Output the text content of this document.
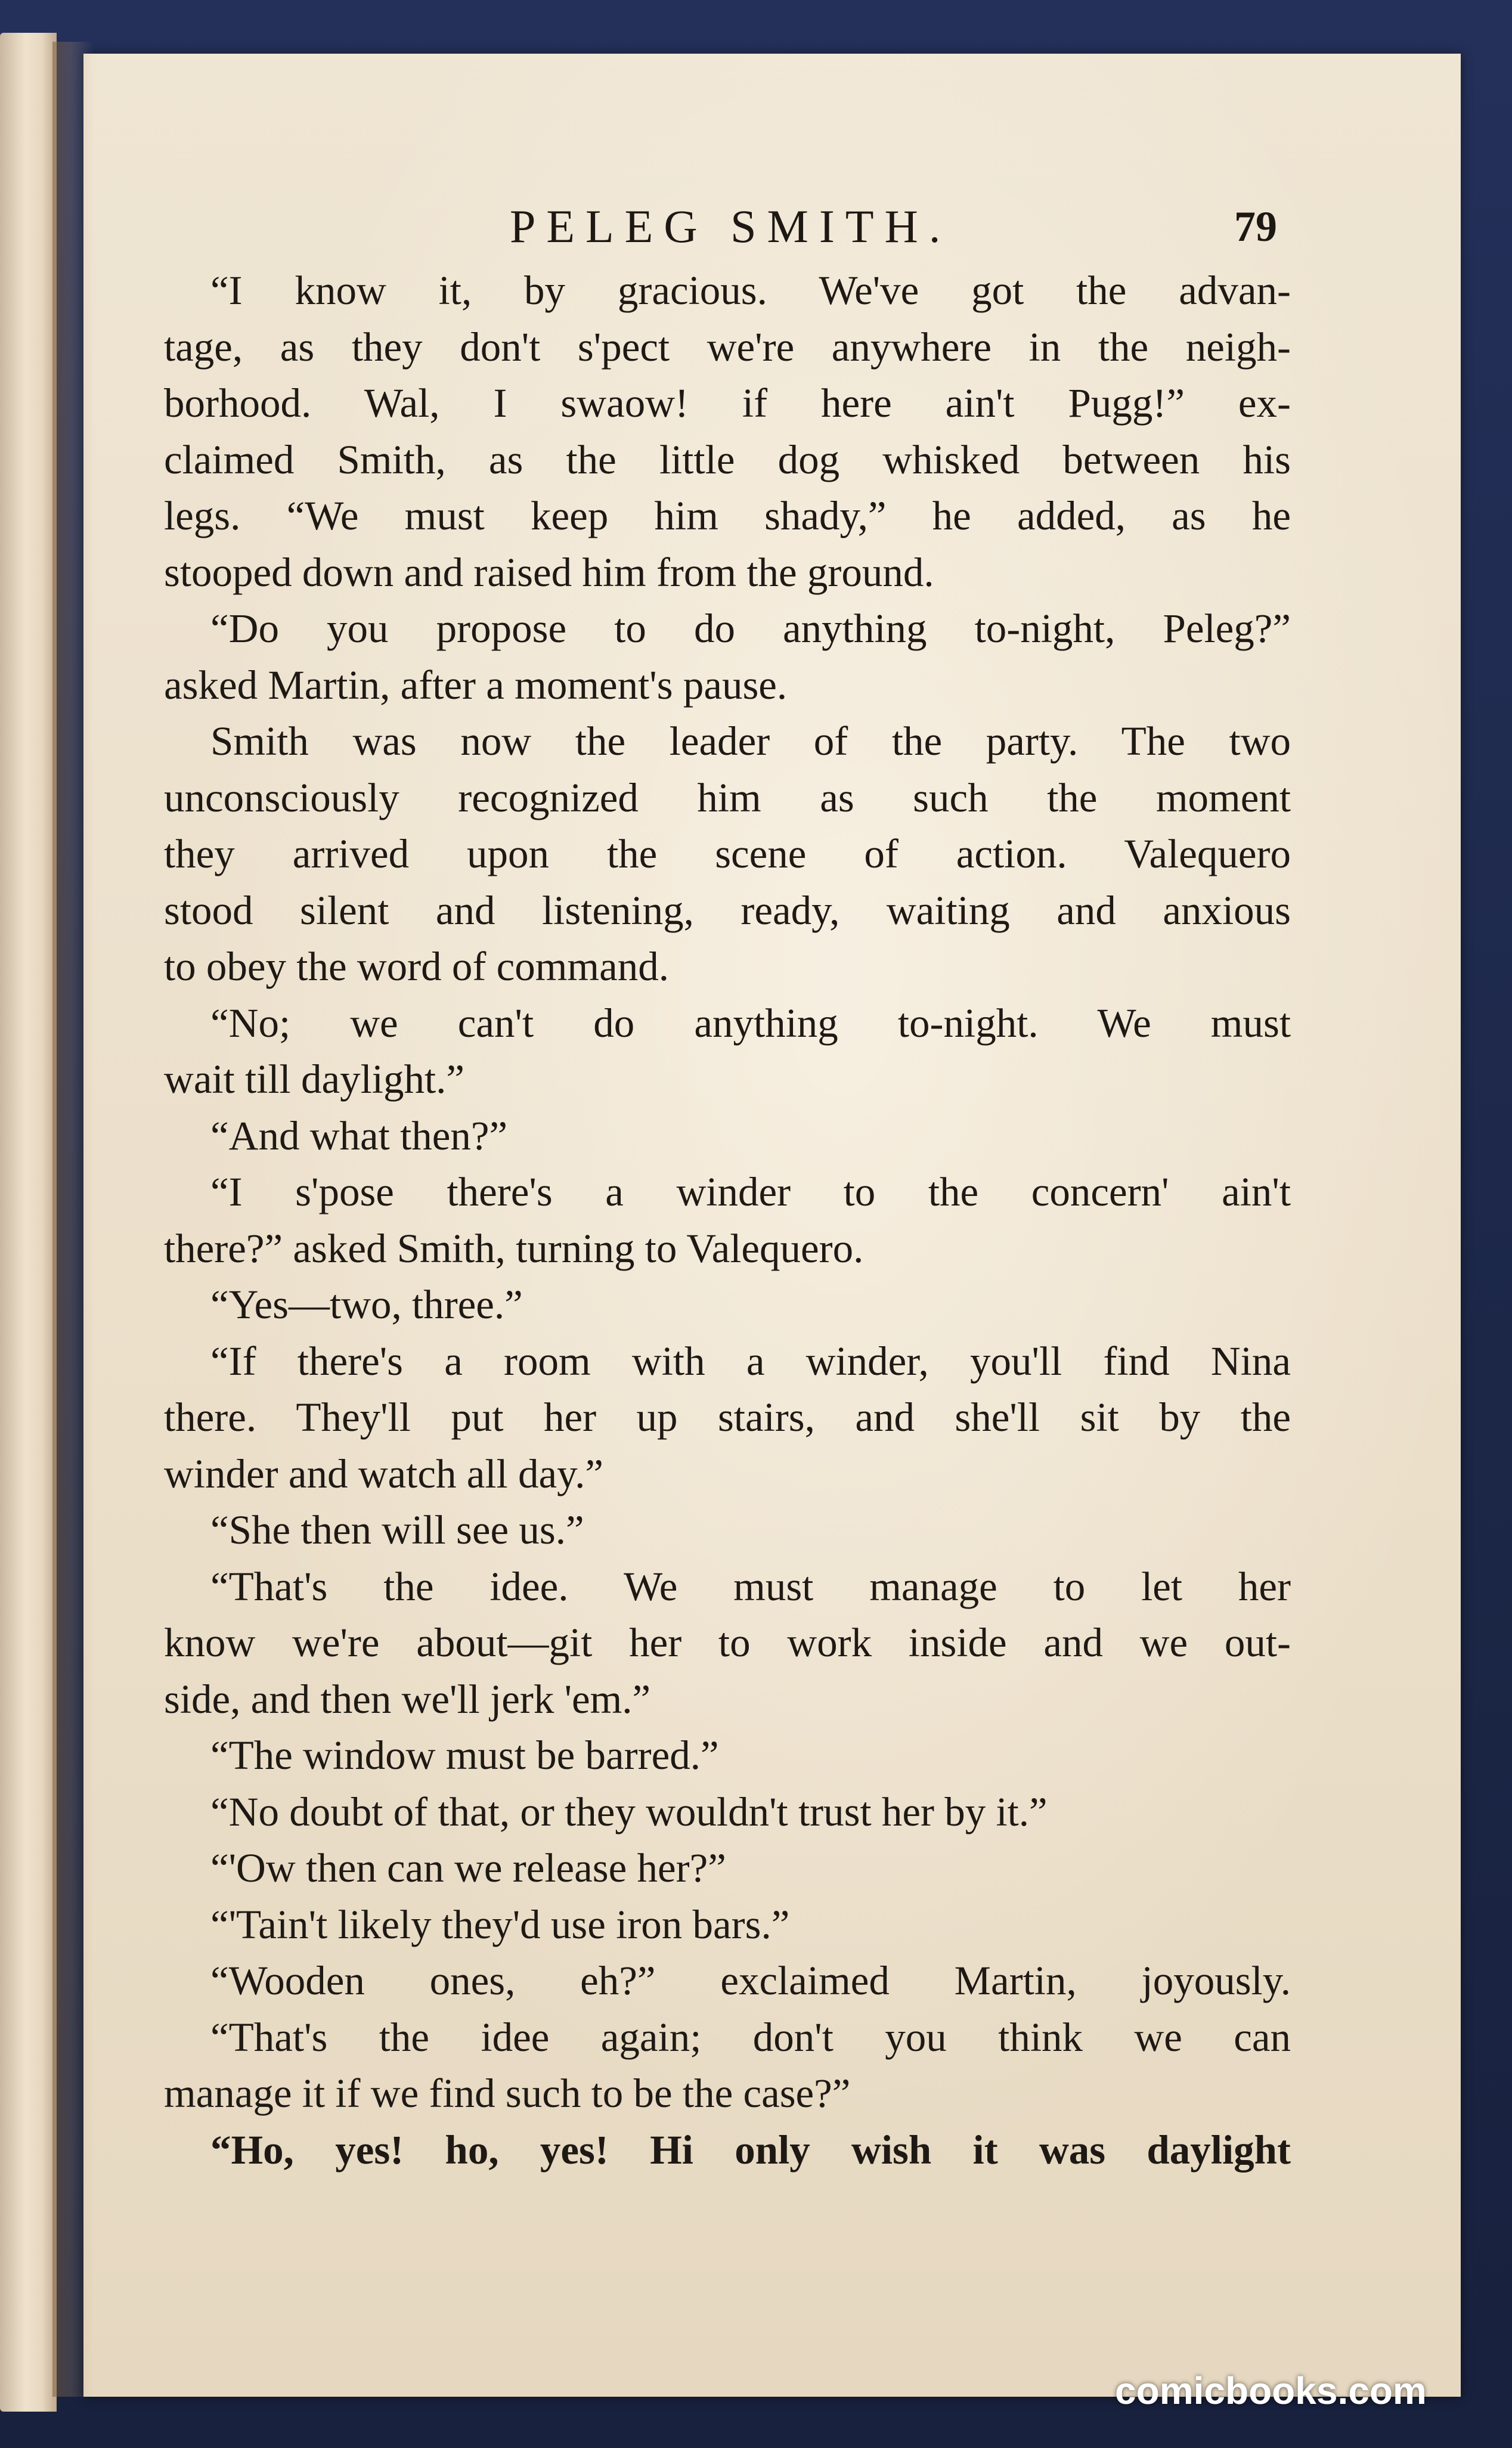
PELEG SMITH.	79
“I know it, by gracious. We've got the advan-
tage, as they don't s'pect we're anywhere in the neigh-
borhood. Wal, I swaow! if here ain't Pugg!” ex-
claimed Smith, as the little dog whisked between his
legs. “We must keep him shady,” he added, as he
stooped down and raised him from the ground.
“Do you propose to do anything to-night, Peleg?”
asked Martin, after a moment's pause.
Smith was now the leader of the party. The two
unconsciously recognized him as such the moment
they arrived upon the scene of action. Valequero
stood silent and listening, ready, waiting and anxious
to obey the word of command.
“No; we can't do anything to-night. We must
wait till daylight.”
“And what then?”
“I s'pose there's a winder to the concern' ain't
there?” asked Smith, turning to Valequero.
“Yes—two, three.”
“If there's a room with a winder, you'll find Nina
there. They'll put her up stairs, and she'll sit by the
winder and watch all day.”
“She then will see us.”
“That's the idee. We must manage to let her
know we're about—git her to work inside and we out-
side, and then we'll jerk 'em.”
“The window must be barred.”
“No doubt of that, or they wouldn't trust her by it.”
“'Ow then can we release her?”
“'Tain't likely they'd use iron bars.”
“Wooden ones, eh?” exclaimed Martin, joyously.
“That's the idee again; don't you think we can
manage it if we find such to be the case?”
“Ho, yes! ho, yes! Hi only wish it was daylight
comicbooks.com
